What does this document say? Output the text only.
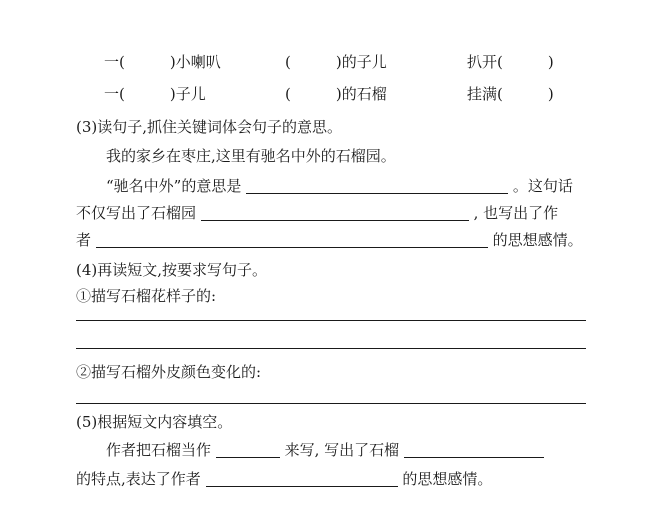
一(　　　)小喇叭	(　　　)的子儿	扒开(　　　)
一(　　　)子儿	(　　　)的石榴	挂满(　　　)
(3)读句子,抓住关键词体会句子的意思。
我的家乡在枣庄,这里有驰名中外的石榴园。
“驰名中外”的意思是	。这句话
不仅写出了石榴园	, 也写出了作
者	的思想感情。
(4)再读短文,按要求写句子。
①描写石榴花样子的:
②描写石榴外皮颜色变化的:
(5)根据短文内容填空。
作者把石榴当作	来写, 写出了石榴
的特点,表达了作者	的思想感情。
